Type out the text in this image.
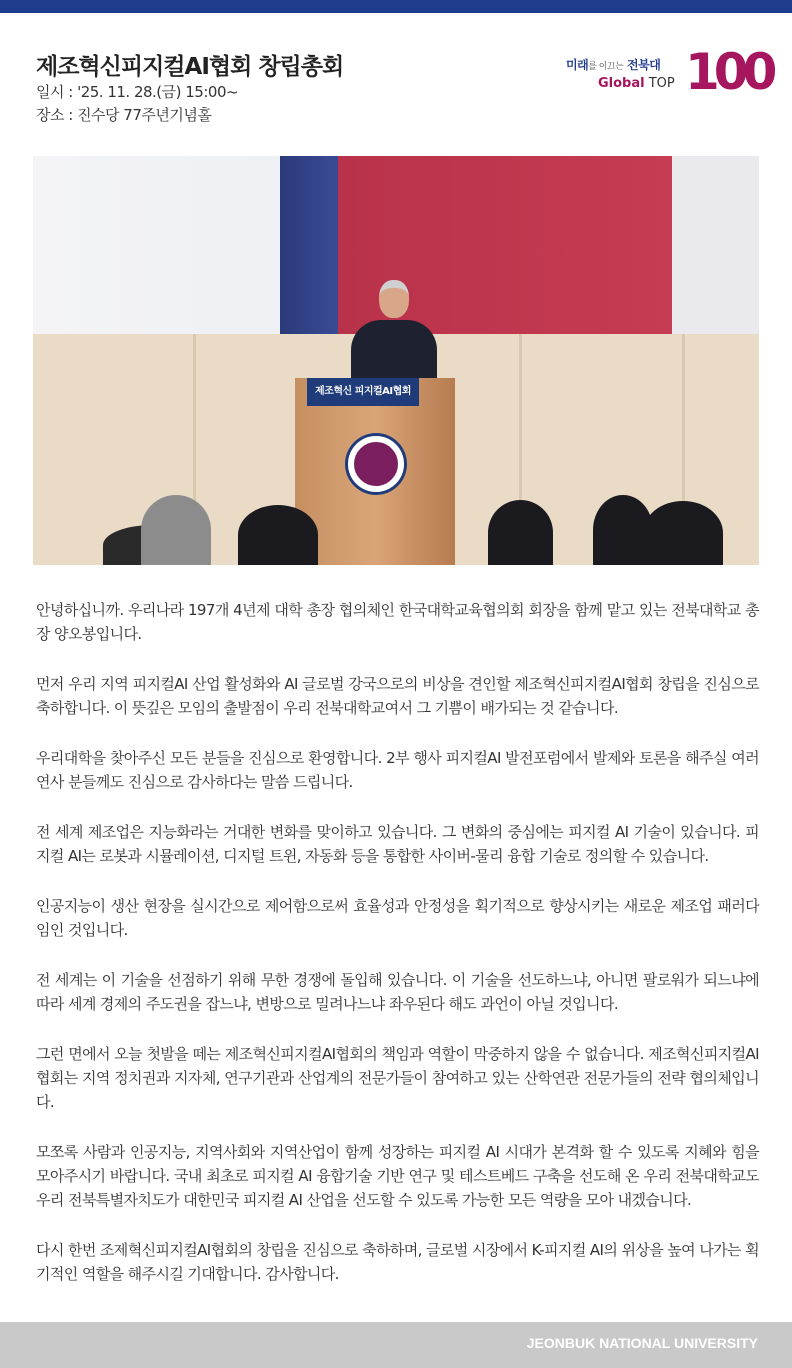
제조혁신피지컬AI협회 창립총회
일시 : '25. 11. 28.(금) 15:00~
장소 : 진수당 77주년기념홀
미래를 이끄는 전북대
Global TOP 100
제조혁신 피지컬AI협회

안녕하십니까. 우리나라 197개 4년제 대학 총장 협의체인 한국대학교육협의회 회장을 함께 맡고 있는 전북대학교 총장 양오봉입니다.

먼저 우리 지역 피지컬AI 산업 활성화와 AI 글로벌 강국으로의 비상을 견인할 제조혁신피지컬AI협회 창립을 진심으로 축하합니다. 이 뜻깊은 모임의 출발점이 우리 전북대학교여서 그 기쁨이 배가되는 것 같습니다.

우리대학을 찾아주신 모든 분들을 진심으로 환영합니다. 2부 행사 피지컬AI 발전포럼에서 발제와 토론을 해주실 여러 연사 분들께도 진심으로 감사하다는 말씀 드립니다.

전 세계 제조업은 지능화라는 거대한 변화를 맞이하고 있습니다. 그 변화의 중심에는 피지컬 AI 기술이 있습니다. 피지컬 AI는 로봇과 시뮬레이션, 디지털 트윈, 자동화 등을 통합한 사이버-물리 융합 기술로 정의할 수 있습니다.

인공지능이 생산 현장을 실시간으로 제어함으로써 효율성과 안정성을 획기적으로 향상시키는 새로운 제조업 패러다임인 것입니다.

전 세계는 이 기술을 선점하기 위해 무한 경쟁에 돌입해 있습니다. 이 기술을 선도하느냐, 아니면 팔로워가 되느냐에 따라 세계 경제의 주도권을 잡느냐, 변방으로 밀려나느냐 좌우된다 해도 과언이 아닐 것입니다.

그런 면에서 오늘 첫발을 떼는 제조혁신피지컬AI협회의 책임과 역할이 막중하지 않을 수 없습니다. 제조혁신피지컬AI협회는 지역 정치권과 지자체, 연구기관과 산업계의 전문가들이 참여하고 있는 산학연관 전문가들의 전략 협의체입니다.

모쪼록 사람과 인공지능, 지역사회와 지역산업이 함께 성장하는 피지컬 AI 시대가 본격화 할 수 있도록 지혜와 힘을 모아주시기 바랍니다. 국내 최초로 피지컬 AI 융합기술 기반 연구 및 테스트베드 구축을 선도해 온 우리 전북대학교도 우리 전북특별자치도가 대한민국 피지컬 AI 산업을 선도할 수 있도록 가능한 모든 역량을 모아 내겠습니다.

다시 한번 조제혁신피지컬AI협회의 창립을 진심으로 축하하며, 글로벌 시장에서 K-피지컬 AI의 위상을 높여 나가는 획기적인 역할을 해주시길 기대합니다. 감사합니다.

JEONBUK NATIONAL UNIVERSITY
